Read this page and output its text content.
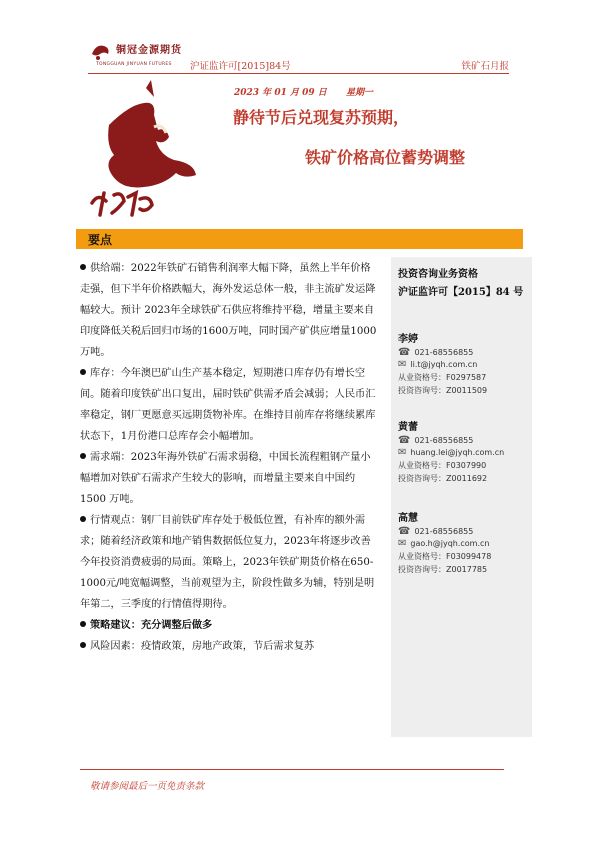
铜冠金源期货
TONGGUAN JINYUAN FUTURES 沪证监许可[2015]84号	铁矿石月报
钢铁百色
2023 年 01 月 09 日 星期一
静待节后兑现复苏预期，
铁矿价格高位蓄势调整
要点

供给端：2022年铁矿石销售利润率大幅下降，虽然上半年价格走强，但下半年价格跌幅大，海外发运总体一般，非主流矿发运降幅较大。预计 2023年全球铁矿石供应将维持平稳，增量主要来自印度降低关税后回归市场的1600万吨，同时国产矿供应增量1000万吨。

库存：今年澳巴矿山生产基本稳定，短期港口库存仍有增长空间。随着印度铁矿出口复出，届时铁矿供需矛盾会减弱；人民币汇率稳定，钢厂更愿意买远期货物补库。在维持目前库存将继续累库状态下，1月份港口总库存会小幅增加。

需求端：2023年海外铁矿石需求弱稳，中国长流程粗钢产量小幅增加对铁矿石需求产生较大的影响，而增量主要来自中国约1500 万吨。

行情观点：钢厂目前铁矿库存处于极低位置，有补库的额外需求；随着经济政策和地产销售数据低位复力，2023年将逐步改善今年投资消费疲弱的局面。策略上，2023年铁矿期货价格在650-1000元/吨宽幅调整，当前观望为主，阶段性做多为辅，特别是明年第二，三季度的行情值得期待。

策略建议：充分调整后做多

风险因素：疫情政策，房地产政策，节后需求复苏

投资咨询业务资格
沪证监许可【2015】84 号
李婷
☎ 021-68556855
✉ li.t@jyqh.com.cn
从业资格号：F0297587
投资咨询号：Z0011509
黄蕾
☎ 021-68556855
✉ huang.lei@jyqh.com.cn
从业资格号：F0307990
投资咨询号：Z0011692
高慧
☎ 021-68556855
✉ gao.h@jyqh.com.cn
从业资格号：F03099478
投资咨询号：Z0017785
敬请参阅最后一页免责条款
